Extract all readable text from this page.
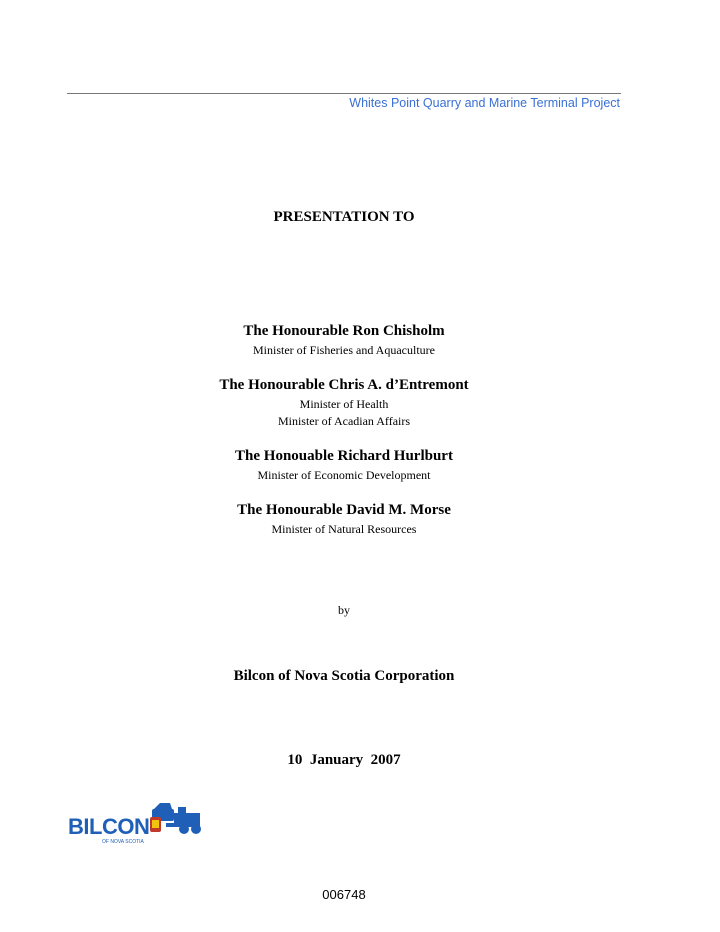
Whites Point Quarry and Marine Terminal Project
PRESENTATION TO
The Honourable Ron Chisholm
Minister of Fisheries and Aquaculture
The Honourable Chris A. d’Entremont
Minister of Health
Minister of Acadian Affairs
The Honouable Richard Hurlburt
Minister of Economic Development
The Honourable David M. Morse
Minister of Natural Resources
by
Bilcon of Nova Scotia Corporation
10  January  2007
BILCON
OF NOVA SCOTIA
006748
